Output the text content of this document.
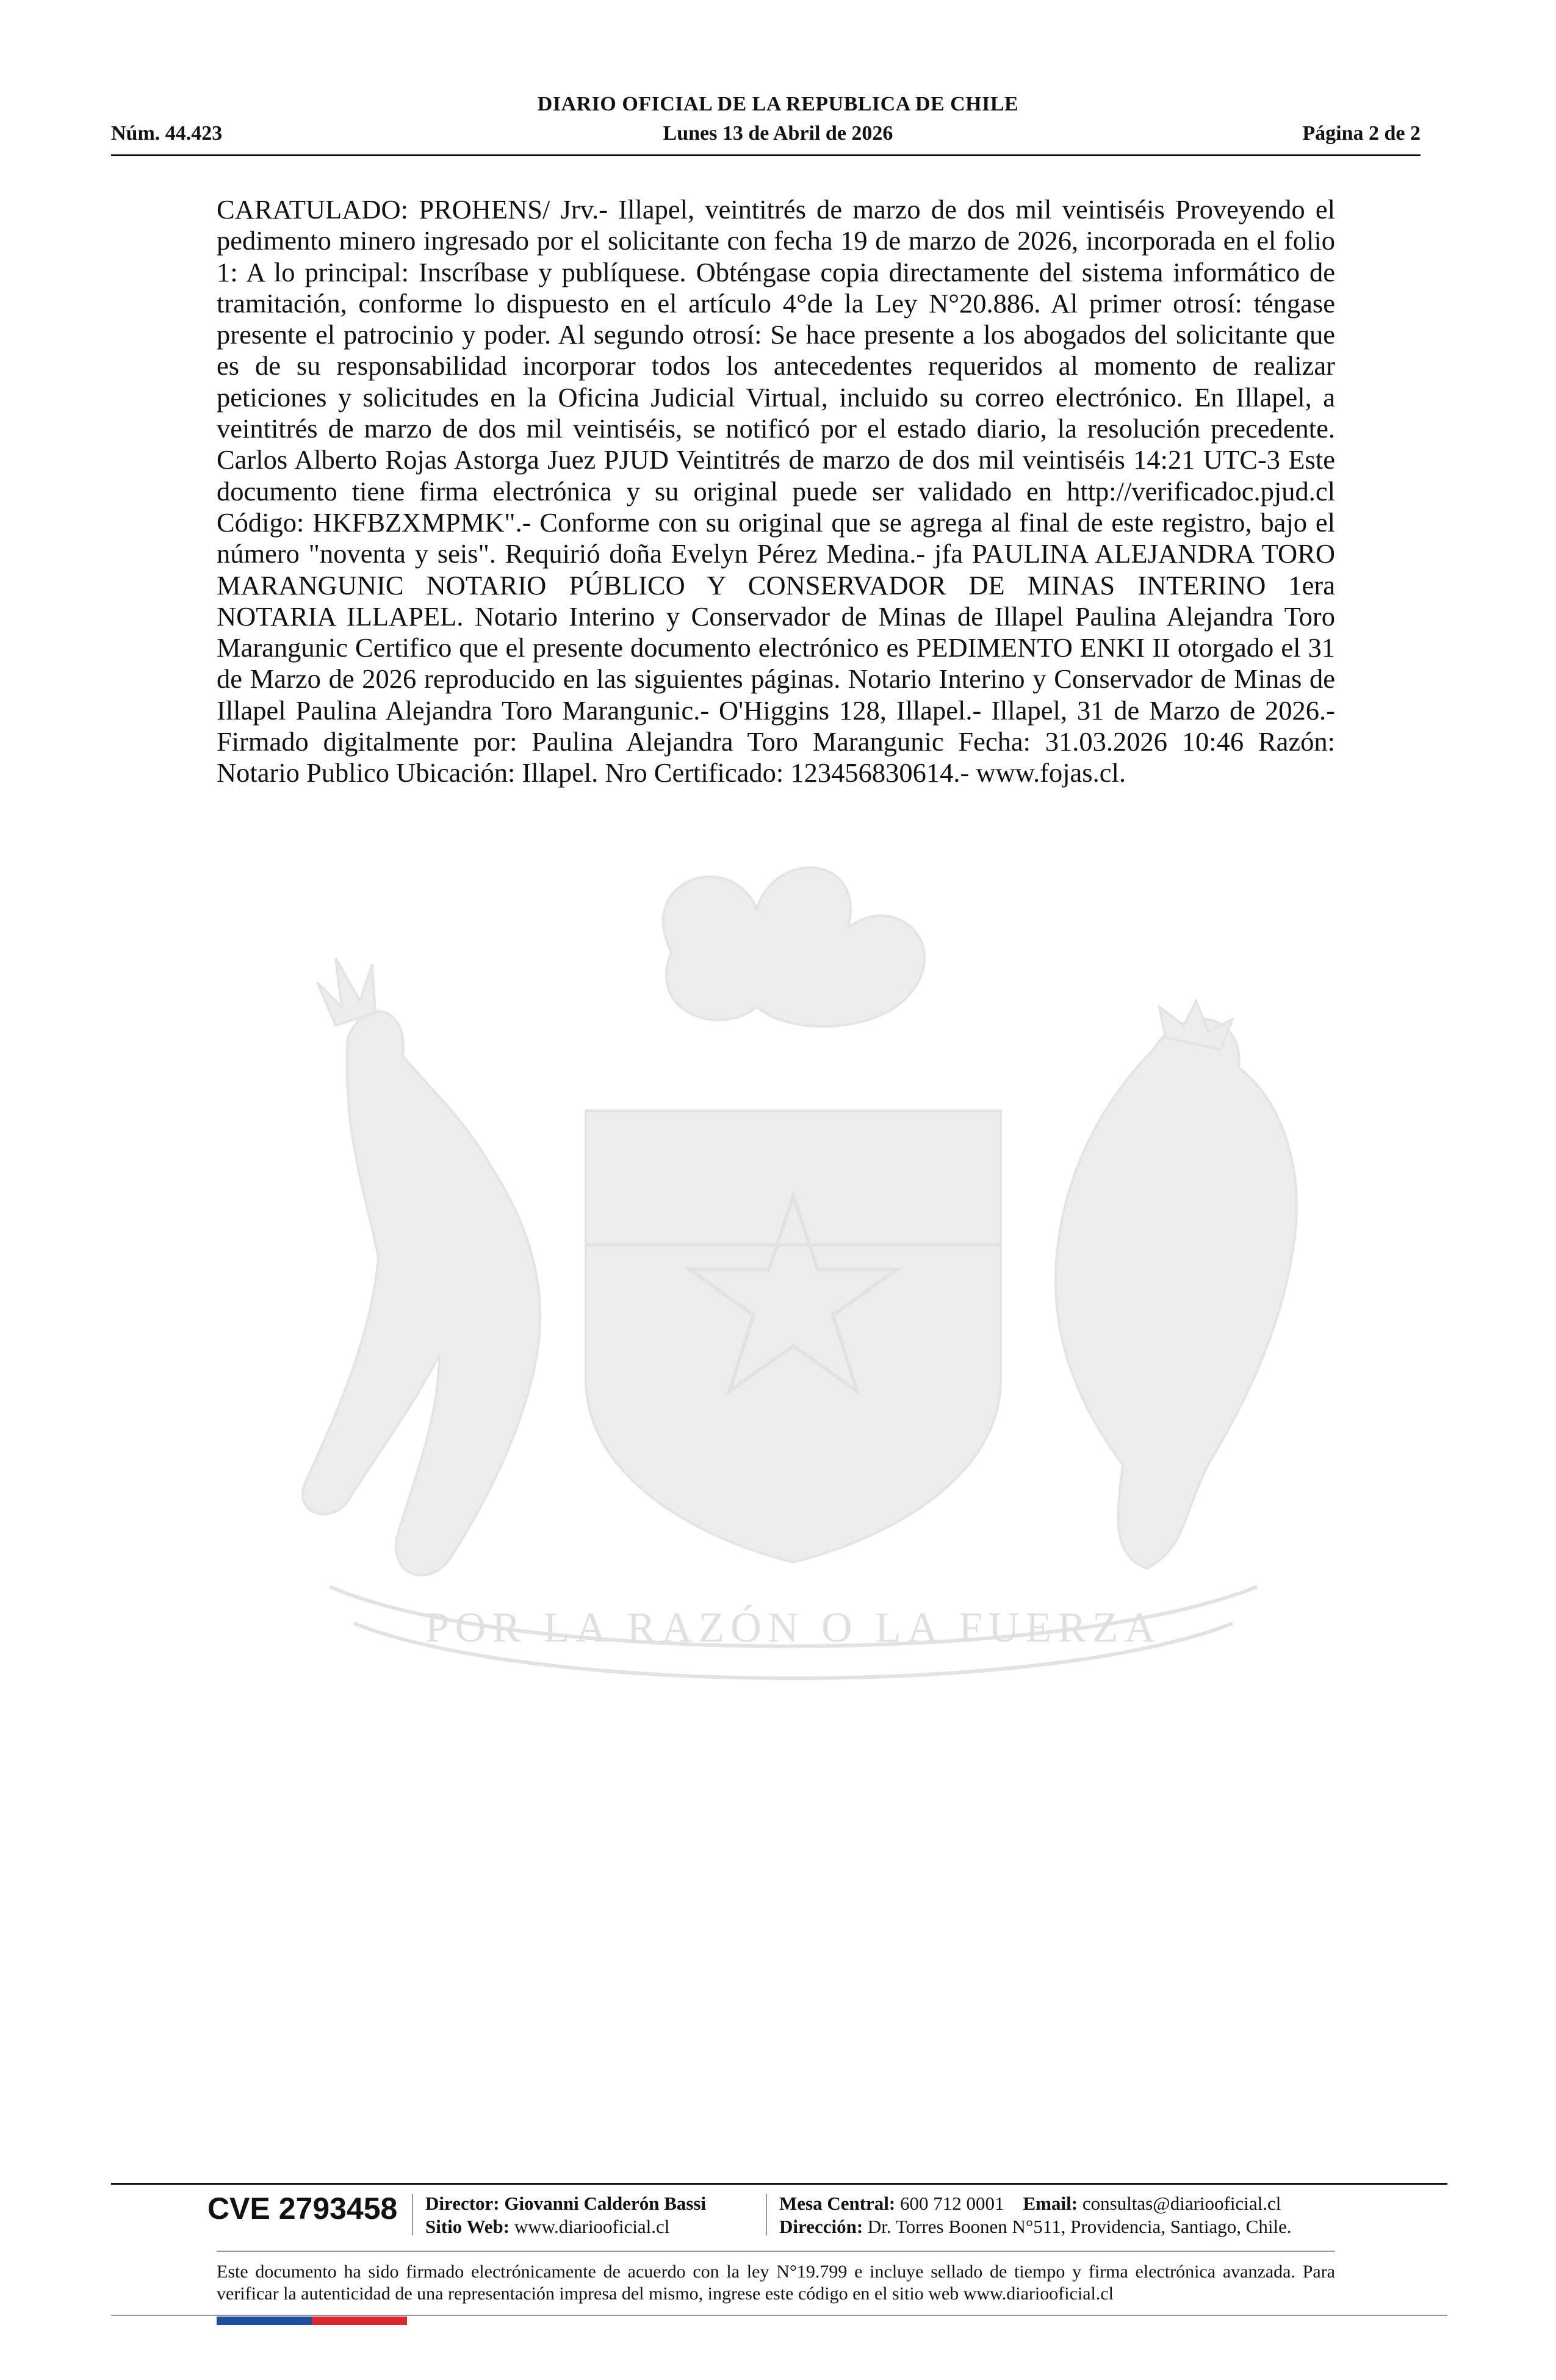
DIARIO OFICIAL DE LA REPUBLICA DE CHILE
Núm. 44.423	Lunes 13 de Abril de 2026	Página 2 de 2
CARATULADO: PROHENS/ Jrv.- Illapel, veintitrés de marzo de dos mil veintiséis Proveyendo el pedimento minero ingresado por el solicitante con fecha 19 de marzo de 2026, incorporada en el folio 1: A lo principal: Inscríbase y publíquese. Obténgase copia directamente del sistema informático de tramitación, conforme lo dispuesto en el artículo 4°de la Ley N°20.886. Al primer otrosí: téngase presente el patrocinio y poder. Al segundo otrosí: Se hace presente a los abogados del solicitante que es de su responsabilidad incorporar todos los antecedentes requeridos al momento de realizar peticiones y solicitudes en la Oficina Judicial Virtual, incluido su correo electrónico. En Illapel, a veintitrés de marzo de dos mil veintiséis, se notificó por el estado diario, la resolución precedente. Carlos Alberto Rojas Astorga Juez PJUD Veintitrés de marzo de dos mil veintiséis 14:21 UTC-3 Este documento tiene firma electrónica y su original puede ser validado en http://verificadoc.pjud.cl Código: HKFBZXMPMK".- Conforme con su original que se agrega al final de este registro, bajo el número "noventa y seis". Requirió doña Evelyn Pérez Medina.- jfa PAULINA ALEJANDRA TORO MARANGUNIC NOTARIO PÚBLICO Y CONSERVADOR DE MINAS INTERINO 1era NOTARIA ILLAPEL. Notario Interino y Conservador de Minas de Illapel Paulina Alejandra Toro Marangunic Certifico que el presente documento electrónico es PEDIMENTO ENKI II otorgado el 31 de Marzo de 2026 reproducido en las siguientes páginas. Notario Interino y Conservador de Minas de Illapel Paulina Alejandra Toro Marangunic.- O'Higgins 128, Illapel.- Illapel, 31 de Marzo de 2026.- Firmado digitalmente por: Paulina Alejandra Toro Marangunic Fecha: 31.03.2026 10:46 Razón: Notario Publico Ubicación: Illapel. Nro Certificado: 123456830614.- www.fojas.cl.
POR LA RAZÓN O LA FUERZA
CVE 2793458 Director: Giovanni Calderón Bassi
Sitio Web: www.diariooficial.cl
Mesa Central: 600 712 0001 Email: consultas@diariooficial.cl
Dirección: Dr. Torres Boonen N°511, Providencia, Santiago, Chile.
Este documento ha sido firmado electrónicamente de acuerdo con la ley N°19.799 e incluye sellado de tiempo y firma electrónica avanzada. Para verificar la autenticidad de una representación impresa del mismo, ingrese este código en el sitio web www.diariooficial.cl
